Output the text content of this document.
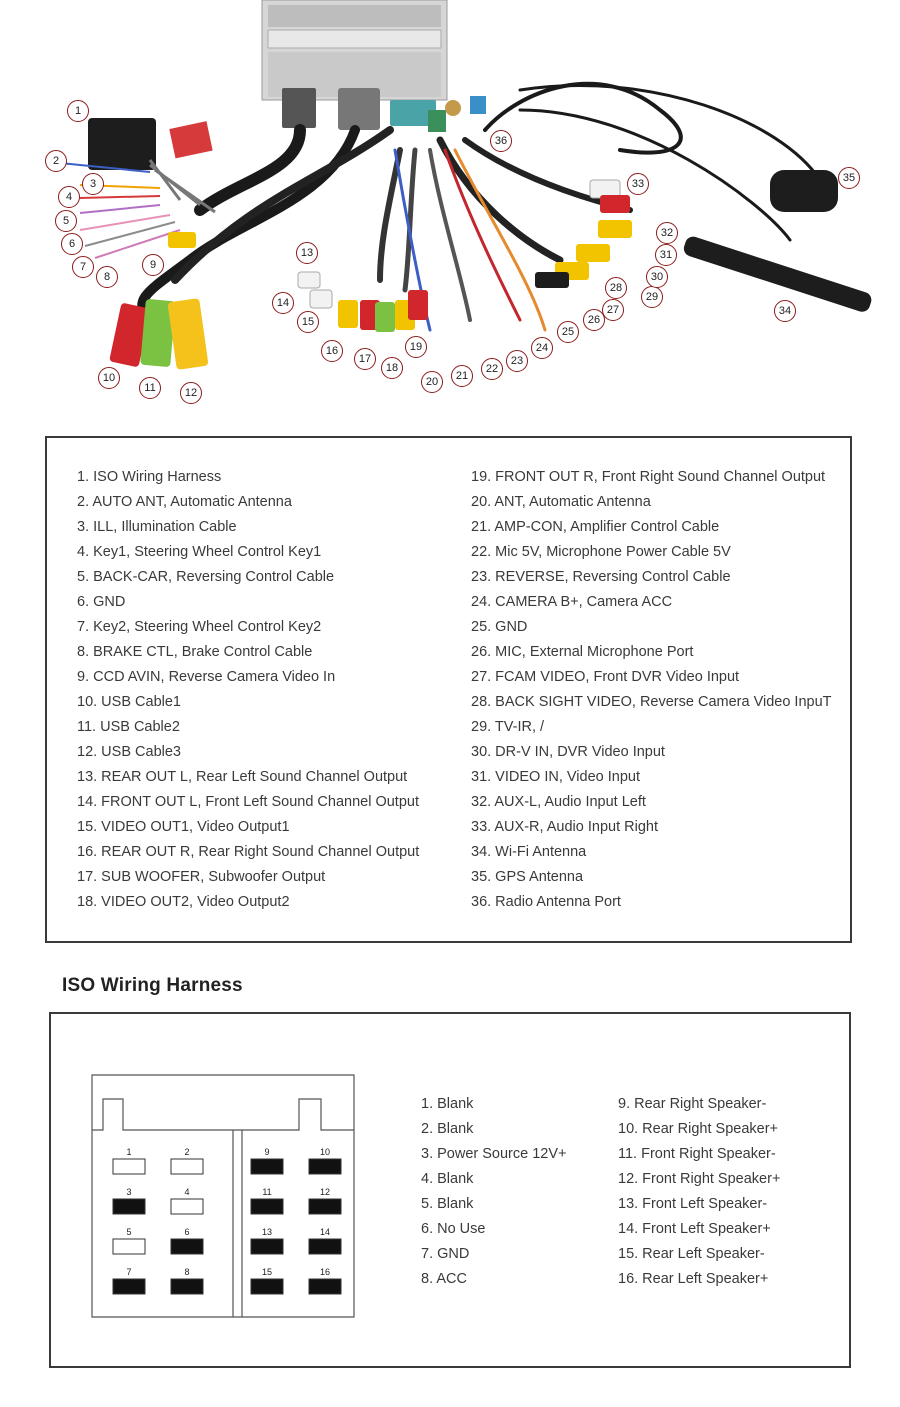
1
2
3
4
5
6
7
8
9
10
11	12
13
14
15
16
17
18
19
20	21
22
23
24
25
26
27
28
29
30
31
32
33
34
35
36
1. ISO Wiring Harness
2. AUTO ANT, Automatic Antenna
3. ILL, Illumination Cable
4. Key1, Steering Wheel Control Key1
5. BACK-CAR, Reversing Control Cable
6. GND
7. Key2, Steering Wheel Control Key2
8. BRAKE CTL, Brake Control Cable
9. CCD AVIN, Reverse Camera Video In
10. USB Cable1
11. USB Cable2
12. USB Cable3
13. REAR OUT L, Rear Left Sound Channel Output
14. FRONT OUT L, Front Left Sound Channel Output
15. VIDEO OUT1, Video Output1
16. REAR OUT R, Rear Right Sound Channel Output
17. SUB WOOFER, Subwoofer Output
18. VIDEO OUT2, Video Output2
19. FRONT OUT R, Front Right Sound Channel Output
20. ANT, Automatic Antenna
21. AMP-CON, Amplifier Control Cable
22. Mic 5V, Microphone Power Cable 5V
23. REVERSE, Reversing Control Cable
24. CAMERA B+, Camera ACC
25. GND
26. MIC, External Microphone Port
27. FCAM VIDEO, Front DVR Video Input
28. BACK SIGHT VIDEO, Reverse Camera Video InpuT
29. TV-IR, /
30. DR-V IN, DVR Video Input
31. VIDEO IN, Video Input
32. AUX-L, Audio Input Left
33. AUX-R, Audio Input Right
34. Wi-Fi Antenna
35. GPS Antenna
36. Radio Antenna Port
ISO Wiring Harness
1	2
3	4
5	6
7	8
9	10
11	12
13	14
15	16
1. Blank
2. Blank
3. Power Source 12V+
4. Blank
5. Blank
6. No Use
7. GND
8. ACC
9. Rear Right Speaker-
10. Rear Right Speaker+
11. Front Right Speaker-
12. Front Right Speaker+
13. Front Left Speaker-
14. Front Left Speaker+
15. Rear Left Speaker-
16. Rear Left Speaker+
